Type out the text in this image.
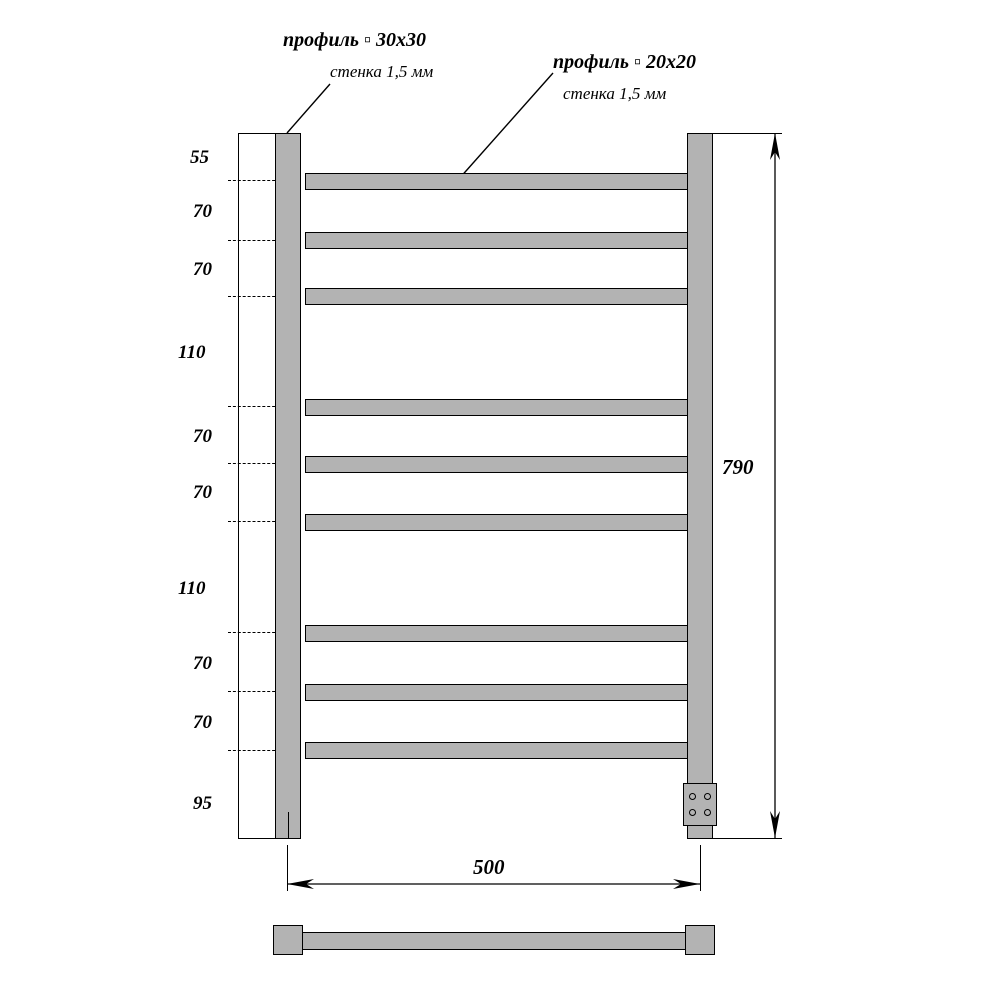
профиль ▫ 30х30
стенка 1,5 мм	профиль ▫ 20х20
стенка 1,5 мм
55
70
70
110
70
70
110
70
70
95
790
500
